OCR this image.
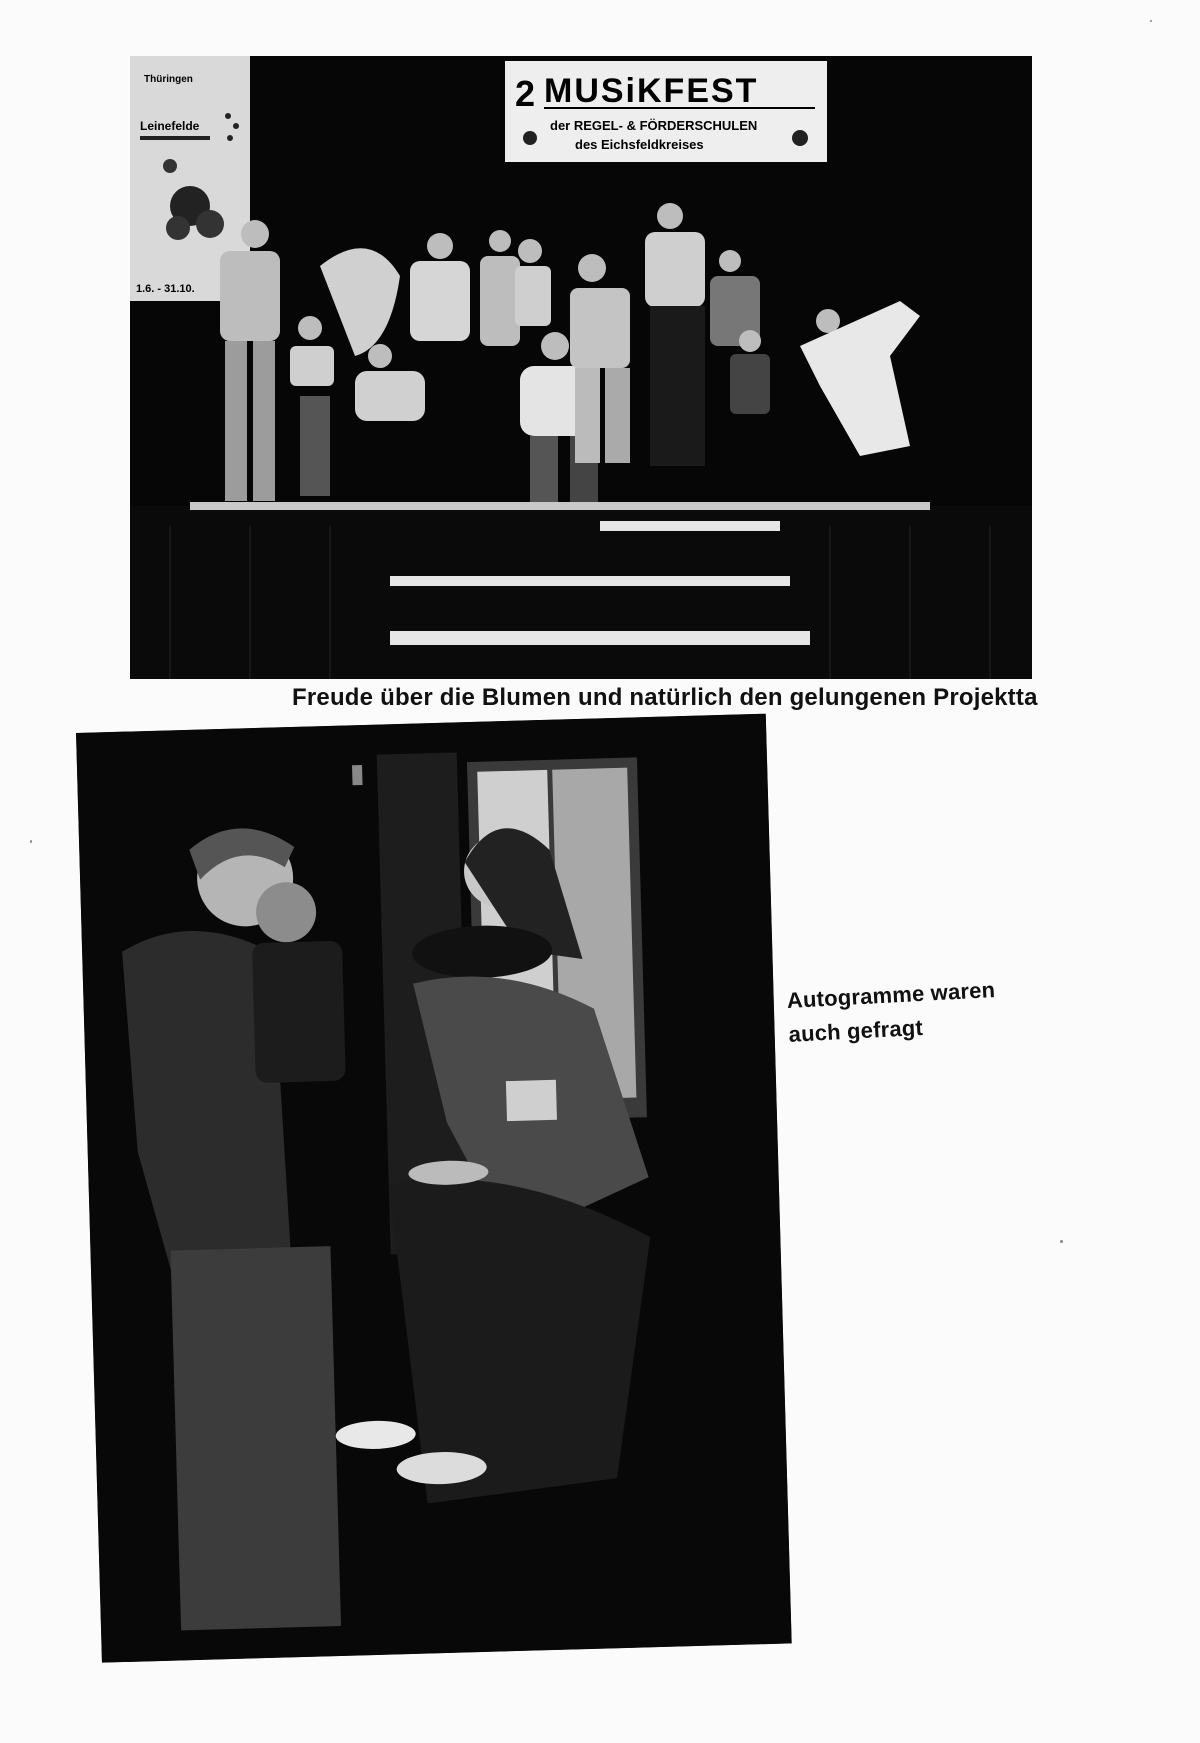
Thüringen
Leinefelde
1.6. - 31.10.
2 MUSiKFEST
der REGEL- & FÖRDERSCHULEN
des Eichsfeldkreises
Freude über die Blumen und natürlich den gelungenen Projektta
Autogramme waren
auch gefragt
